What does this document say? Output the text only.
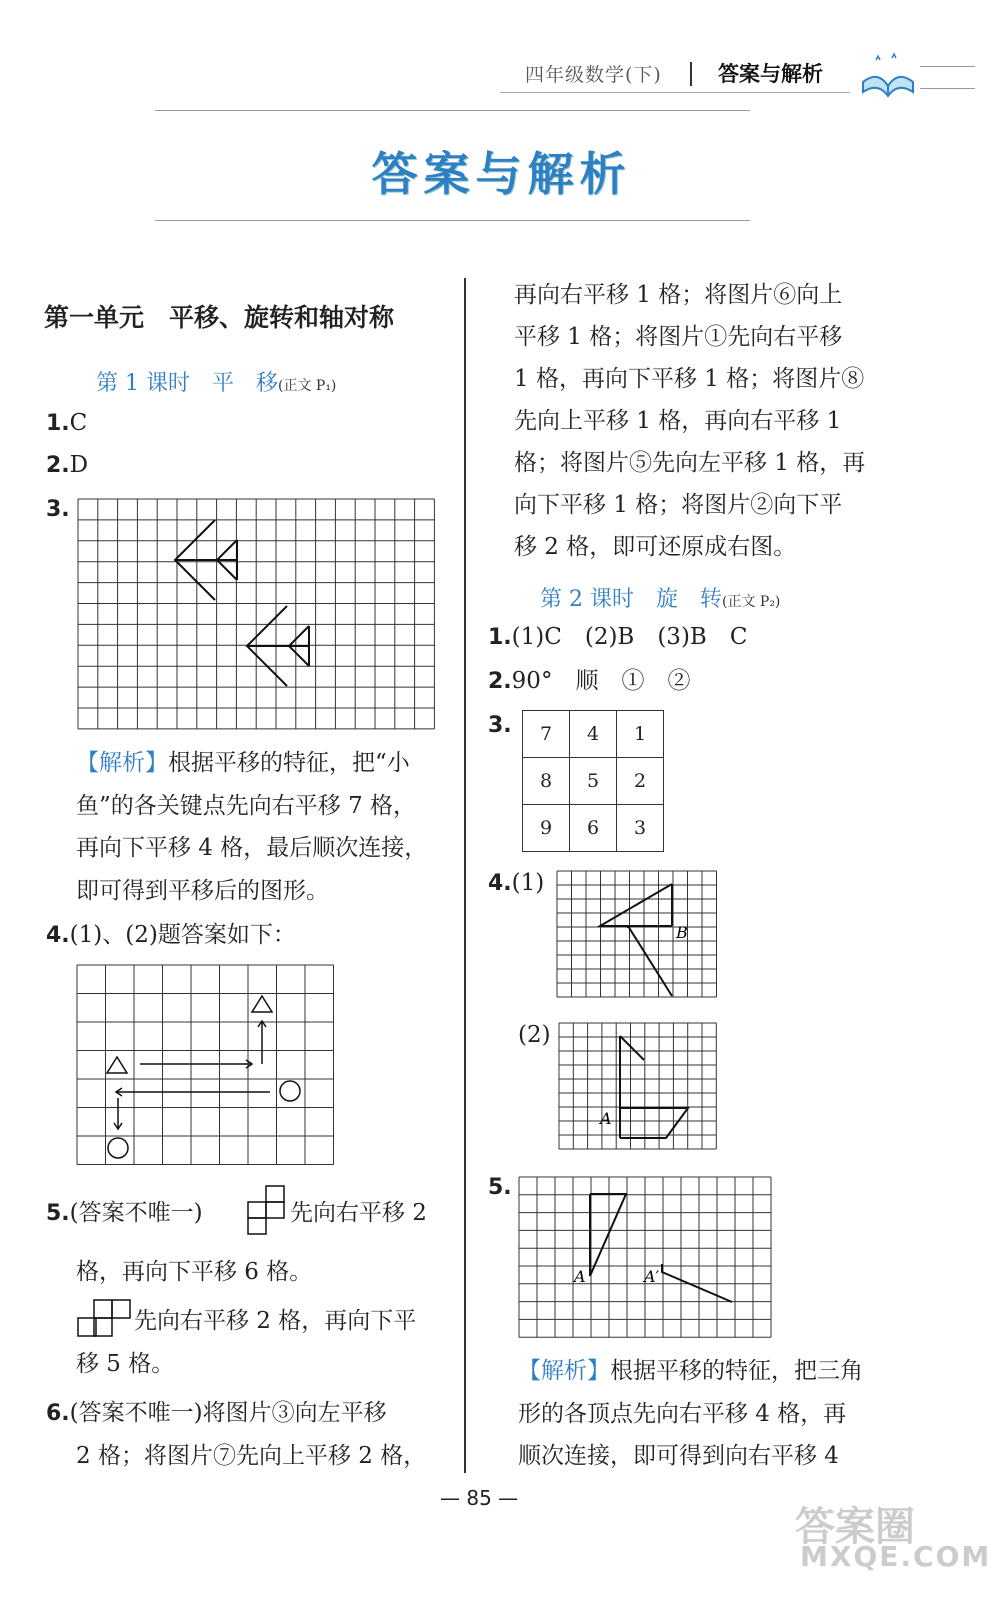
四年级数学(下)	答案与解析
答案与解析
第一单元　平移、旋转和轴对称
第 1 课时　平　移(正文 P₁)
1.C
2.D
3.
【解析】根据平移的特征，把“小
鱼”的各关键点先向右平移 7 格，
再向下平移 4 格，最后顺次连接，
即可得到平移后的图形。
4.(1)、(2)题答案如下：
5.(答案不唯一)	先向右平移 2
格，再向下平移 6 格。
先向右平移 2 格，再向下平
移 5 格。
6.(答案不唯一)将图片③向左平移
2 格；将图片⑦先向上平移 2 格，
再向右平移 1 格；将图片⑥向上
平移 1 格；将图片①先向右平移
1 格，再向下平移 1 格；将图片⑧
先向上平移 1 格，再向右平移 1
格；将图片⑤先向左平移 1 格，再
向下平移 1 格；将图片②向下平
移 2 格，即可还原成右图。
第 2 课时　旋　转(正文 P₂)
1.(1)C　(2)B　(3)B　C
2.90°　顺　①　②
3. 7	4	1
8	5	2
9	6	3
4.(1)
B
(2)
A
5.
A	A′
【解析】根据平移的特征，把三角
形的各顶点先向右平移 4 格，再
顺次连接，即可得到向右平移 4
— 85 —
答案圈
MXQE.COM
